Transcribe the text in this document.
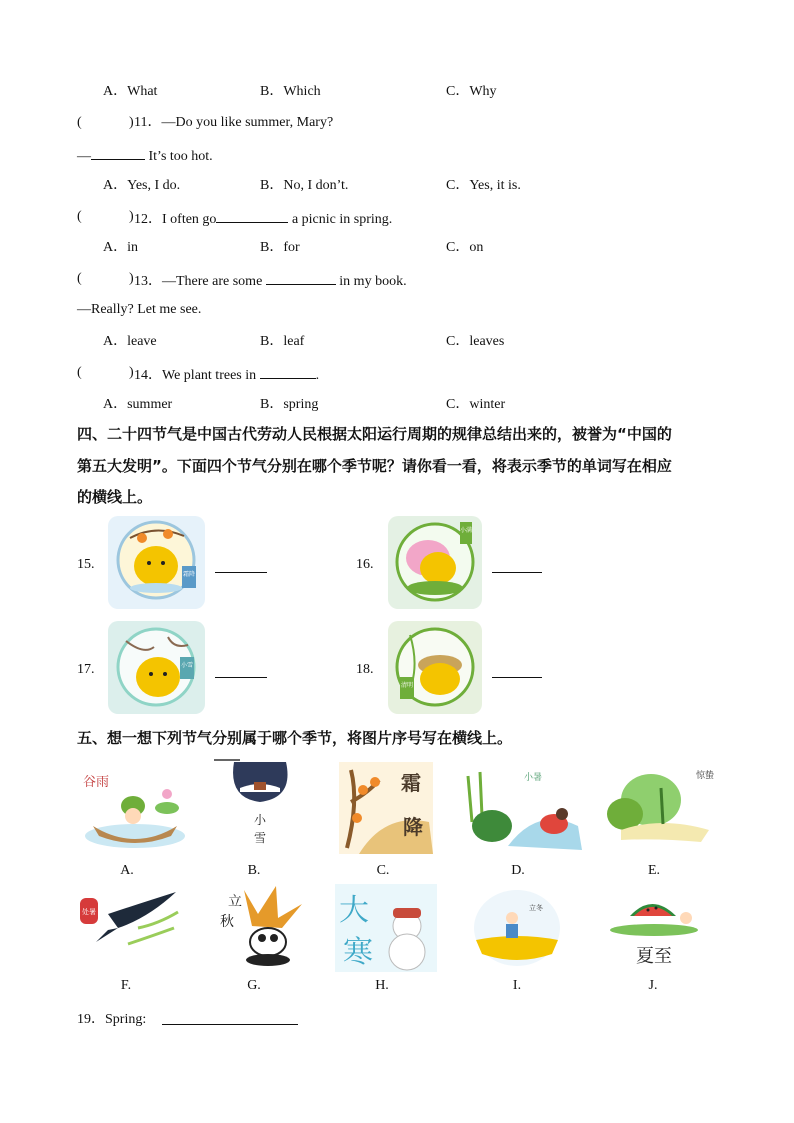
A．What	B．Which	C．Why
(	) 11．—Do you like summer, Mary?
—	It’s too hot.
A．Yes, I do.	B．No, I don’t.	C．Yes, it is.
(	) 12．I often go	a picnic in spring.
A．in	B．for	C．on
(	) 13．—There are some	in my book.
—Really? Let me see.
A．leave	B．leaf	C．leaves
(	) 14．We plant trees in	.
A．summer	B．spring	C．winter
四、二十四节气是中国古代劳动人民根据太阳运行周期的规律总结出来的，被誉为“中国的
第五大发明”。下面四个节气分别在哪个季节呢？请你看一看，将表示季节的单词写在相应
的横线上。
15.
霜降
16.
小满
17.	小雪	18.
清明
五、想一想下列节气分别属于哪个季节，将图片序号写在横线上。
谷雨
小
雪
霜
降
小暑	惊蛰
A.	B.	C.	D.	E.
处暑
立
秋	大
寒
立冬
夏至
F.	G.	H.	I.	J.
19．Spring:
